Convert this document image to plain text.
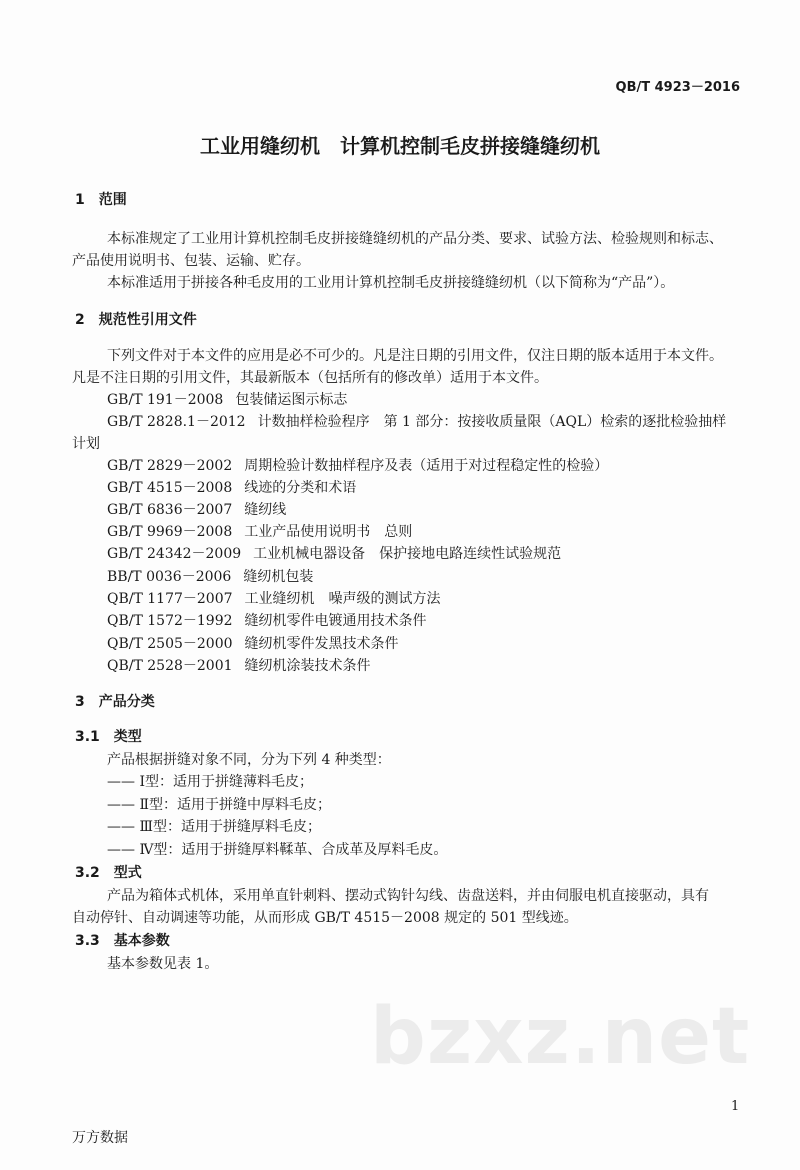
QB/T 4923－2016
工业用缝纫机　计算机控制毛皮拼接缝缝纫机
1　范围
本标准规定了工业用计算机控制毛皮拼接缝缝纫机的产品分类、要求、试验方法、检验规则和标志、
产品使用说明书、包装、运输、贮存。
本标准适用于拼接各种毛皮用的工业用计算机控制毛皮拼接缝缝纫机（以下简称为“产品”）。
2　规范性引用文件
下列文件对于本文件的应用是必不可少的。凡是注日期的引用文件，仅注日期的版本适用于本文件。
凡是不注日期的引用文件，其最新版本（包括所有的修改单）适用于本文件。
GB/T 191－2008 包装储运图示标志
GB/T 2828.1－2012 计数抽样检验程序　第 1 部分：按接收质量限（AQL）检索的逐批检验抽样
计划
GB/T 2829－2002 周期检验计数抽样程序及表（适用于对过程稳定性的检验）
GB/T 4515－2008 线迹的分类和术语
GB/T 6836－2007 缝纫线
GB/T 9969－2008 工业产品使用说明书　总则
GB/T 24342－2009 工业机械电器设备　保护接地电路连续性试验规范
BB/T 0036－2006 缝纫机包装
QB/T 1177－2007 工业缝纫机　噪声级的测试方法
QB/T 1572－1992 缝纫机零件电镀通用技术条件
QB/T 2505－2000 缝纫机零件发黑技术条件
QB/T 2528－2001 缝纫机涂装技术条件
3　产品分类
3.1　类型
产品根据拼缝对象不同，分为下列 4 种类型：
—— Ⅰ型：适用于拼缝薄料毛皮；
—— Ⅱ型：适用于拼缝中厚料毛皮；
—— Ⅲ型：适用于拼缝厚料毛皮；
—— Ⅳ型：适用于拼缝厚料鞣革、合成革及厚料毛皮。
3.2　型式
产品为箱体式机体，采用单直针刺料、摆动式钩针勾线、齿盘送料，并由伺服电机直接驱动，具有
自动停针、自动调速等功能，从而形成 GB/T 4515－2008 规定的 501 型线迹。
3.3　基本参数
基本参数见表 1。
bzxz.net
1
万方数据
